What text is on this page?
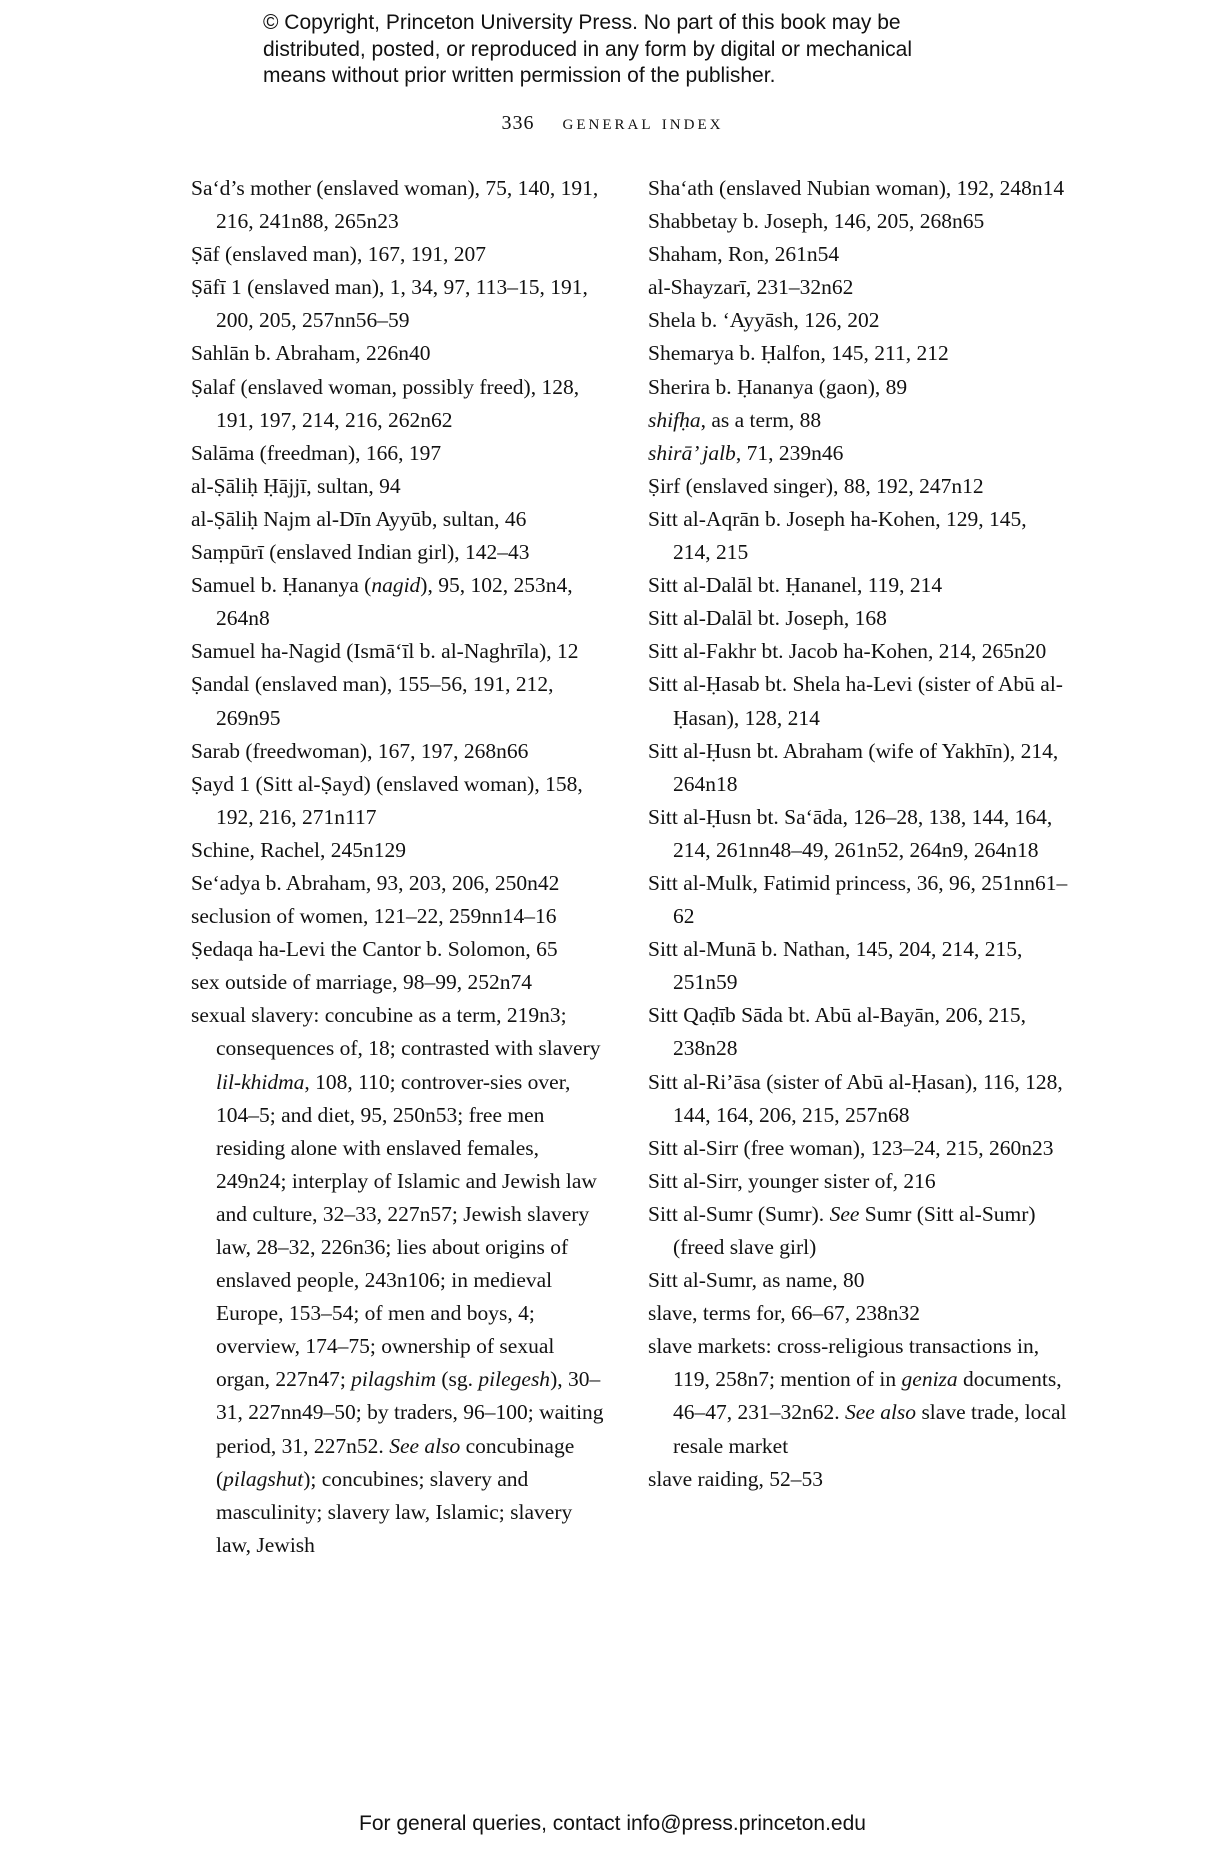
© Copyright, Princeton University Press. No part of this book may be
distributed, posted, or reproduced in any form by digital or mechanical
means without prior written permission of the publisher.
336 general index
Sa‘d’s mother (enslaved woman), 75, 140, 191, 216, 241n88, 265n23
Ṣāf (enslaved man), 167, 191, 207
Ṣāfī 1 (enslaved man), 1, 34, 97, 113–15, 191, 200, 205, 257nn56–59
Sahlān b. Abraham, 226n40
Ṣalaf (enslaved woman, possibly freed), 128, 191, 197, 214, 216, 262n62
Salāma (freedman), 166, 197
al-Ṣāliḥ Ḥājjī, sultan, 94
al-Ṣāliḥ Najm al-Dīn Ayyūb, sultan, 46
Saṃpūrī (enslaved Indian girl), 142–43
Samuel b. Ḥananya (nagid), 95, 102, 253n4, 264n8
Samuel ha-Nagid (Ismā‘īl b. al-Naghrīla), 12
Ṣandal (enslaved man), 155–56, 191, 212, 269n95
Sarab (freedwoman), 167, 197, 268n66
Ṣayd 1 (Sitt al-Ṣayd) (enslaved woman), 158, 192, 216, 271n117
Schine, Rachel, 245n129
Se‘adya b. Abraham, 93, 203, 206, 250n42
seclusion of women, 121–22, 259nn14–16
Ṣedaqa ha-Levi the Cantor b. Solomon, 65
sex outside of marriage, 98–99, 252n74
sexual slavery: concubine as a term, 219n3; consequences of, 18; contrasted with slavery lil-khidma, 108, 110; controver-sies over, 104–5; and diet, 95, 250n53; free men residing alone with enslaved females, 249n24; interplay of Islamic and Jewish law and culture, 32–33, 227n57; Jewish slavery law, 28–32, 226n36; lies about origins of enslaved people, 243n106; in medieval Europe, 153–54; of men and boys, 4; overview, 174–75; ownership of sexual organ, 227n47; pilagshim (sg. pilegesh), 30–31, 227nn49–50; by traders, 96–100; waiting period, 31, 227n52. See also concubinage (pilagshut); concubines; slavery and masculinity; slavery law, Islamic; slavery law, Jewish
Sha‘ath (enslaved Nubian woman), 192, 248n14
Shabbetay b. Joseph, 146, 205, 268n65
Shaham, Ron, 261n54
al-Shayzarī, 231–32n62
Shela b. ‘Ayyāsh, 126, 202
Shemarya b. Ḥalfon, 145, 211, 212
Sherira b. Ḥananya (gaon), 89
shifḥa, as a term, 88
shirā’ jalb, 71, 239n46
Ṣirf (enslaved singer), 88, 192, 247n12
Sitt al-Aqrān b. Joseph ha-Kohen, 129, 145, 214, 215
Sitt al-Dalāl bt. Ḥananel, 119, 214
Sitt al-Dalāl bt. Joseph, 168
Sitt al-Fakhr bt. Jacob ha-Kohen, 214, 265n20
Sitt al-Ḥasab bt. Shela ha-Levi (sister of Abū al-Ḥasan), 128, 214
Sitt al-Ḥusn bt. Abraham (wife of Yakhīn), 214, 264n18
Sitt al-Ḥusn bt. Sa‘āda, 126–28, 138, 144, 164, 214, 261nn48–49, 261n52, 264n9, 264n18
Sitt al-Mulk, Fatimid princess, 36, 96, 251nn61–62
Sitt al-Munā b. Nathan, 145, 204, 214, 215, 251n59
Sitt Qaḍīb Sāda bt. Abū al-Bayān, 206, 215, 238n28
Sitt al-Ri’āsa (sister of Abū al-Ḥasan), 116, 128, 144, 164, 206, 215, 257n68
Sitt al-Sirr (free woman), 123–24, 215, 260n23
Sitt al-Sirr, younger sister of, 216
Sitt al-Sumr (Sumr). See Sumr (Sitt al-Sumr) (freed slave girl)
Sitt al-Sumr, as name, 80
slave, terms for, 66–67, 238n32
slave markets: cross-religious transactions in, 119, 258n7; mention of in geniza documents, 46–47, 231–32n62. See also slave trade, local resale market
slave raiding, 52–53
For general queries, contact info@press.princeton.edu
